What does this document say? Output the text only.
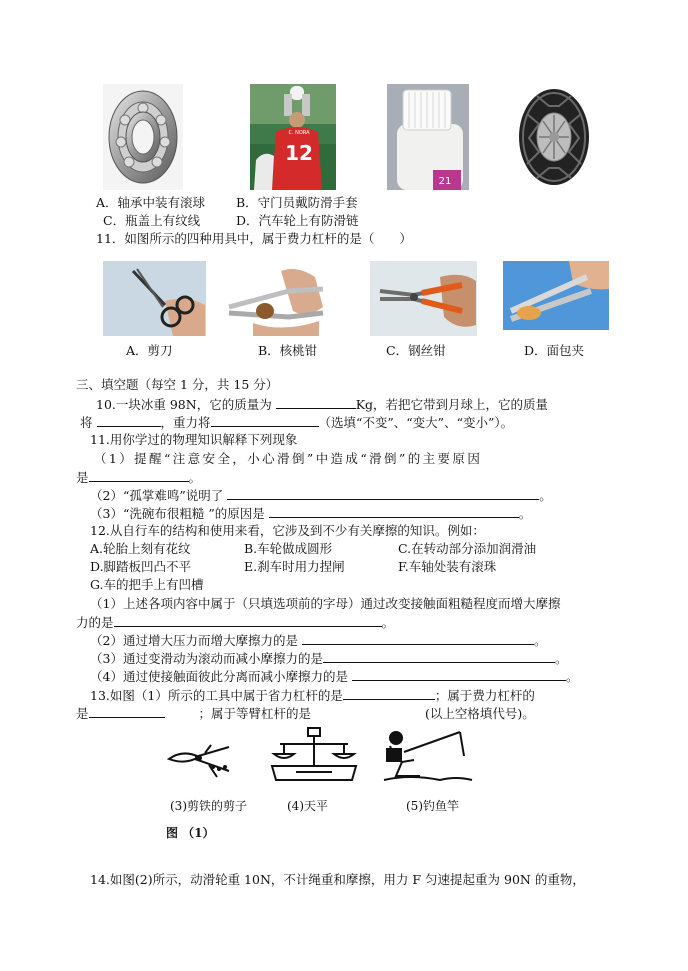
C. NORA
12
21
A．轴承中装有滚球 B．守门员戴防滑手套
C．瓶盖上有纹线	D．汽车轮上有防滑链
11．如图所示的四种用具中，属于费力杠杆的是（　　）
A．剪刀	B．核桃钳	C．钢丝钳	D．面包夹
三、填空题（每空 1 分，共 15 分）
10.一块冰重 98N，它的质量为	Kg，若把它带到月球上，它的质量
将	，重力将	（选填“不变”、“变大”、“变小”）。
11.用你学过的物理知识解释下列现象
（1）提醒“注意安全，小心滑倒”中造成“滑倒”的主要原因
是	。
（2）“孤掌难鸣”说明了	。
（3）“洗碗布很粗糙 ”的原因是	。
12.从自行车的结构和使用来看，它涉及到不少有关摩擦的知识。例如：
A.轮胎上刻有花纹	B.车轮做成圆形	C.在转动部分添加润滑油
D.脚踏板凹凸不平	E.刹车时用力捏闸	F.车轴处装有滚珠
G.车的把手上有凹槽
（1）上述各项内容中属于（只填选项前的字母）通过改变接触面粗糙程度而增大摩擦
力的是	。
（2）通过增大压力而增大摩擦力的是	。
（3）通过变滑动为滚动而减小摩擦力的是	。
（4）通过使接触面彼此分离而减小摩擦力的是	。
13.如图（1）所示的工具中属于省力杠杆的是	；属于费力杠杆的
是	；属于等臂杠杆的是	(以上空格填代号)。
(3)剪铁的剪子	(4)天平	(5)钓鱼竿
图 （1）
14.如图(2)所示，动滑轮重 10N，不计绳重和摩擦，用力 F 匀速提起重为 90N 的重物，
